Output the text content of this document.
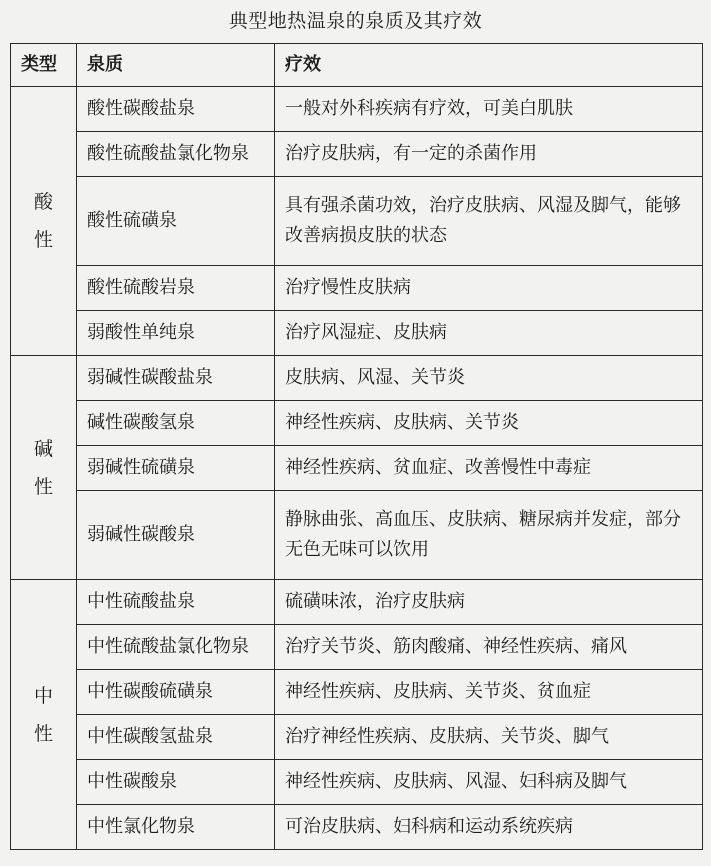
典型地热温泉的泉质及其疗效
类型	泉质	疗效

酸性	酸性碳酸盐泉	一般对外科疾病有疗效，可美白肌肤
	酸性硫酸盐氯化物泉	治疗皮肤病，有一定的杀菌作用
	酸性硫磺泉	具有强杀菌功效，治疗皮肤病、风湿及脚气，能够改善病损皮肤的状态
	酸性硫酸岩泉	治疗慢性皮肤病
	弱酸性单纯泉	治疗风湿症、皮肤病

碱性	弱碱性碳酸盐泉	皮肤病、风湿、关节炎
	碱性碳酸氢泉	神经性疾病、皮肤病、关节炎
	弱碱性硫磺泉	神经性疾病、贫血症、改善慢性中毒症
	弱碱性碳酸泉	静脉曲张、高血压、皮肤病、糖尿病并发症，部分无色无味可以饮用

中性	中性硫酸盐泉	硫磺味浓，治疗皮肤病
	中性硫酸盐氯化物泉	治疗关节炎、筋肉酸痛、神经性疾病、痛风
	中性碳酸硫磺泉	神经性疾病、皮肤病、关节炎、贫血症
	中性碳酸氢盐泉	治疗神经性疾病、皮肤病、关节炎、脚气
	中性碳酸泉	神经性疾病、皮肤病、风湿、妇科病及脚气
	中性氯化物泉	可治皮肤病、妇科病和运动系统疾病
